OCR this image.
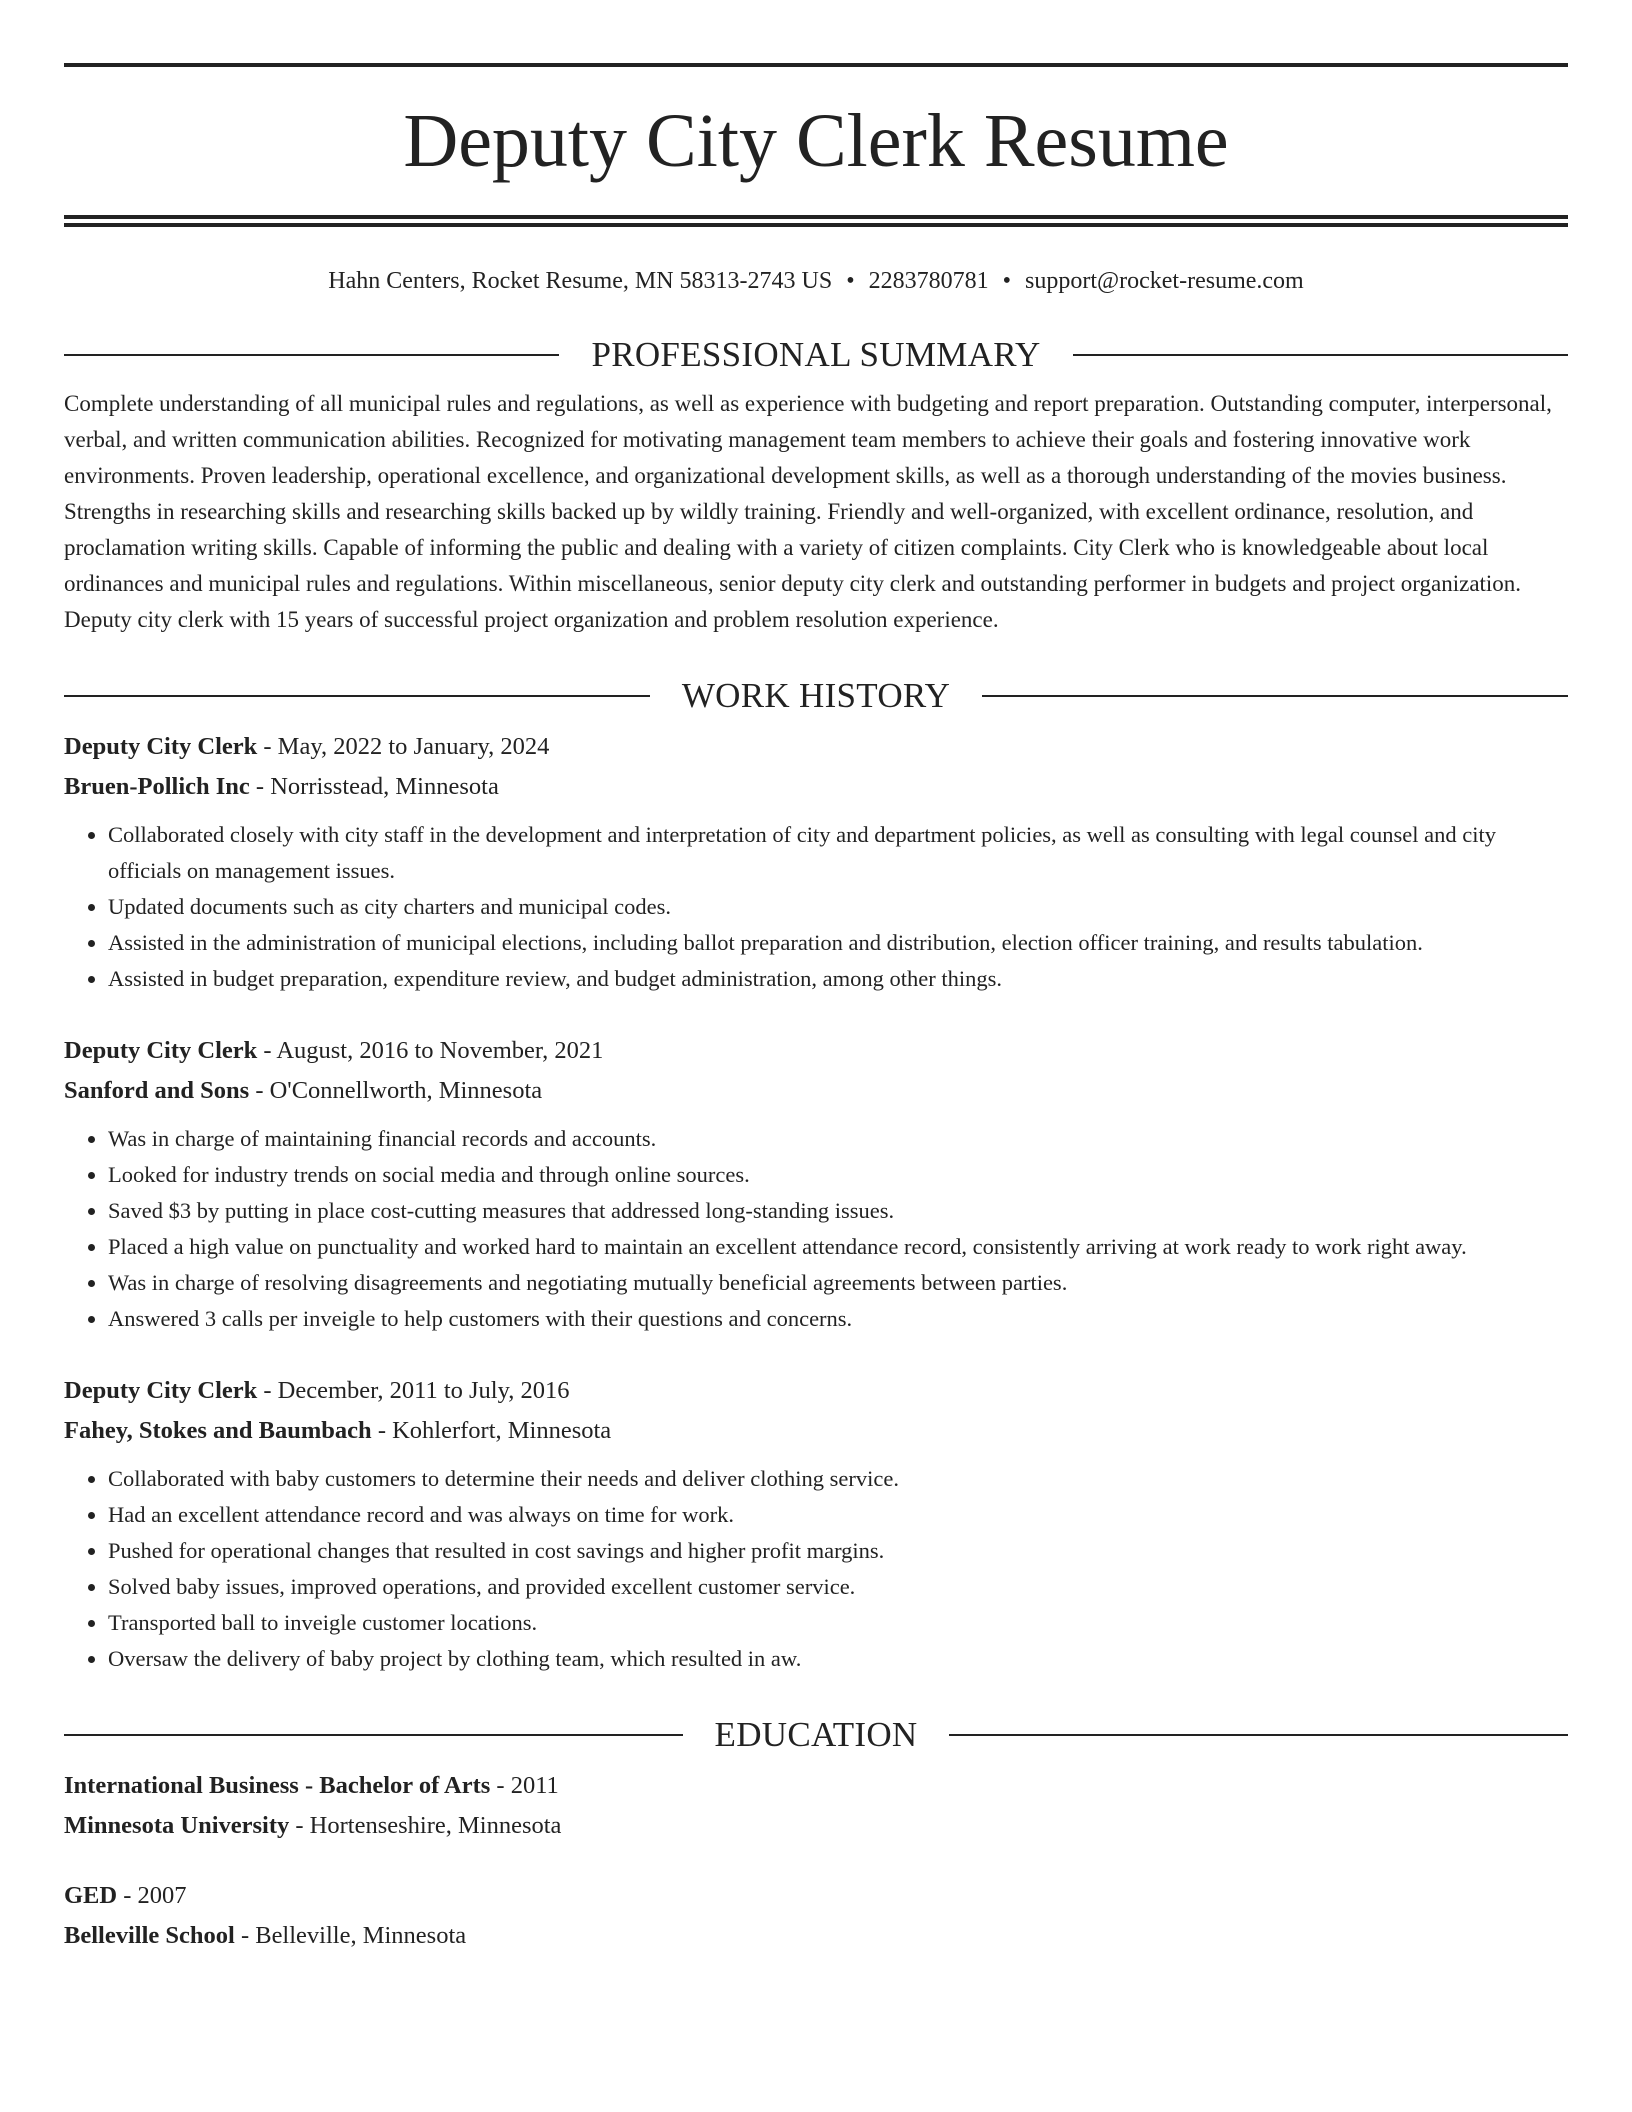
Deputy City Clerk Resume
Hahn Centers, Rocket Resume, MN 58313-2743 US • 2283780781 • support@rocket-resume.com
PROFESSIONAL SUMMARY

Complete understanding of all municipal rules and regulations, as well as experience with budgeting and report preparation. Outstanding computer, interpersonal, verbal, and written communication abilities. Recognized for motivating management team members to achieve their goals and fostering innovative work environments. Proven leadership, operational excellence, and organizational development skills, as well as a thorough understanding of the movies business. Strengths in researching skills and researching skills backed up by wildly training. Friendly and well-organized, with excellent ordinance, resolution, and proclamation writing skills. Capable of informing the public and dealing with a variety of citizen complaints. City Clerk who is knowledgeable about local ordinances and municipal rules and regulations. Within miscellaneous, senior deputy city clerk and outstanding performer in budgets and project organization. Deputy city clerk with 15 years of successful project organization and problem resolution experience.

WORK HISTORY
Deputy City Clerk - May, 2022 to January, 2024
Bruen-Pollich Inc - Norrisstead, Minnesota
• Collaborated closely with city staff in the development and interpretation of city and department policies, as well as consulting with legal counsel and city officials on management issues.
• Updated documents such as city charters and municipal codes.
• Assisted in the administration of municipal elections, including ballot preparation and distribution, election officer training, and results tabulation.
• Assisted in budget preparation, expenditure review, and budget administration, among other things.
Deputy City Clerk - August, 2016 to November, 2021
Sanford and Sons - O'Connellworth, Minnesota
• Was in charge of maintaining financial records and accounts.
• Looked for industry trends on social media and through online sources.
• Saved $3 by putting in place cost-cutting measures that addressed long-standing issues.
• Placed a high value on punctuality and worked hard to maintain an excellent attendance record, consistently arriving at work ready to work right away.
• Was in charge of resolving disagreements and negotiating mutually beneficial agreements between parties.
• Answered 3 calls per inveigle to help customers with their questions and concerns.
Deputy City Clerk - December, 2011 to July, 2016
Fahey, Stokes and Baumbach - Kohlerfort, Minnesota
• Collaborated with baby customers to determine their needs and deliver clothing service.
• Had an excellent attendance record and was always on time for work.
• Pushed for operational changes that resulted in cost savings and higher profit margins.
• Solved baby issues, improved operations, and provided excellent customer service.
• Transported ball to inveigle customer locations.
• Oversaw the delivery of baby project by clothing team, which resulted in aw.
EDUCATION
International Business - Bachelor of Arts - 2011
Minnesota University - Hortenseshire, Minnesota
GED - 2007
Belleville School - Belleville, Minnesota
